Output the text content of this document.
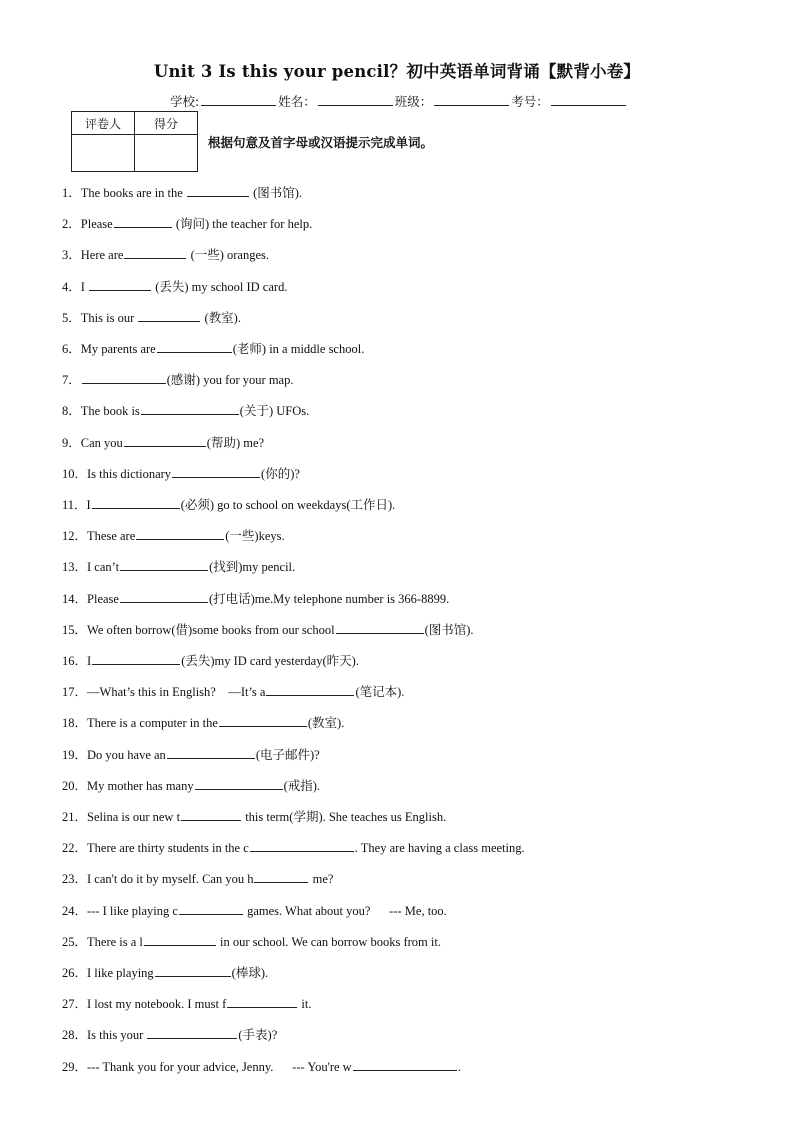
Unit 3 Is this your pencil？初中英语单词背诵【默背小卷】
学校:	姓名：	班级：	考号：
评卷人	得分

根据句意及首字母或汉语提示完成单词。
1．The books are in the	(图书馆).
2．Please	(询问) the teacher for help.
3．Here are	(一些) oranges.
4．I	(丢失) my school ID card.
5．This is our	(教室).
6．My parents are	(老师) in a middle school.
7．	(感谢) you for your map.
8．The book is	(关于) UFOs.
9．Can you	(帮助) me?
10．Is this dictionary	(你的)?
11．I	(必须) go to school on weekdays(工作日).
12．These are	(一些)keys.
13．I can’t	(找到)my pencil.
14．Please	(打电话)me.My telephone number is 366-8899.
15．We often borrow(借)some books from our school	(图书馆).
16．I	(丢失)my ID card yesterday(昨天).
17．—What’s this in English?    —It’s a	(笔记本).
18．There is a computer in the	(教室).
19．Do you have an	(电子邮件)?
20．My mother has many	(戒指).
21．Selina is our new t	this term(学期). She teaches us English.
22．There are thirty students in the c	. They are having a class meeting.
23．I can't do it by myself. Can you h	me?
24．--- I like playing c	games. What about you?      --- Me, too.
25．There is a l	in our school. We can borrow books from it.
26．I like playing	(棒球).
27．I lost my notebook. I must f	it.
28．Is this your	(手表)?
29．--- Thank you for your advice, Jenny.      --- You're w	.
